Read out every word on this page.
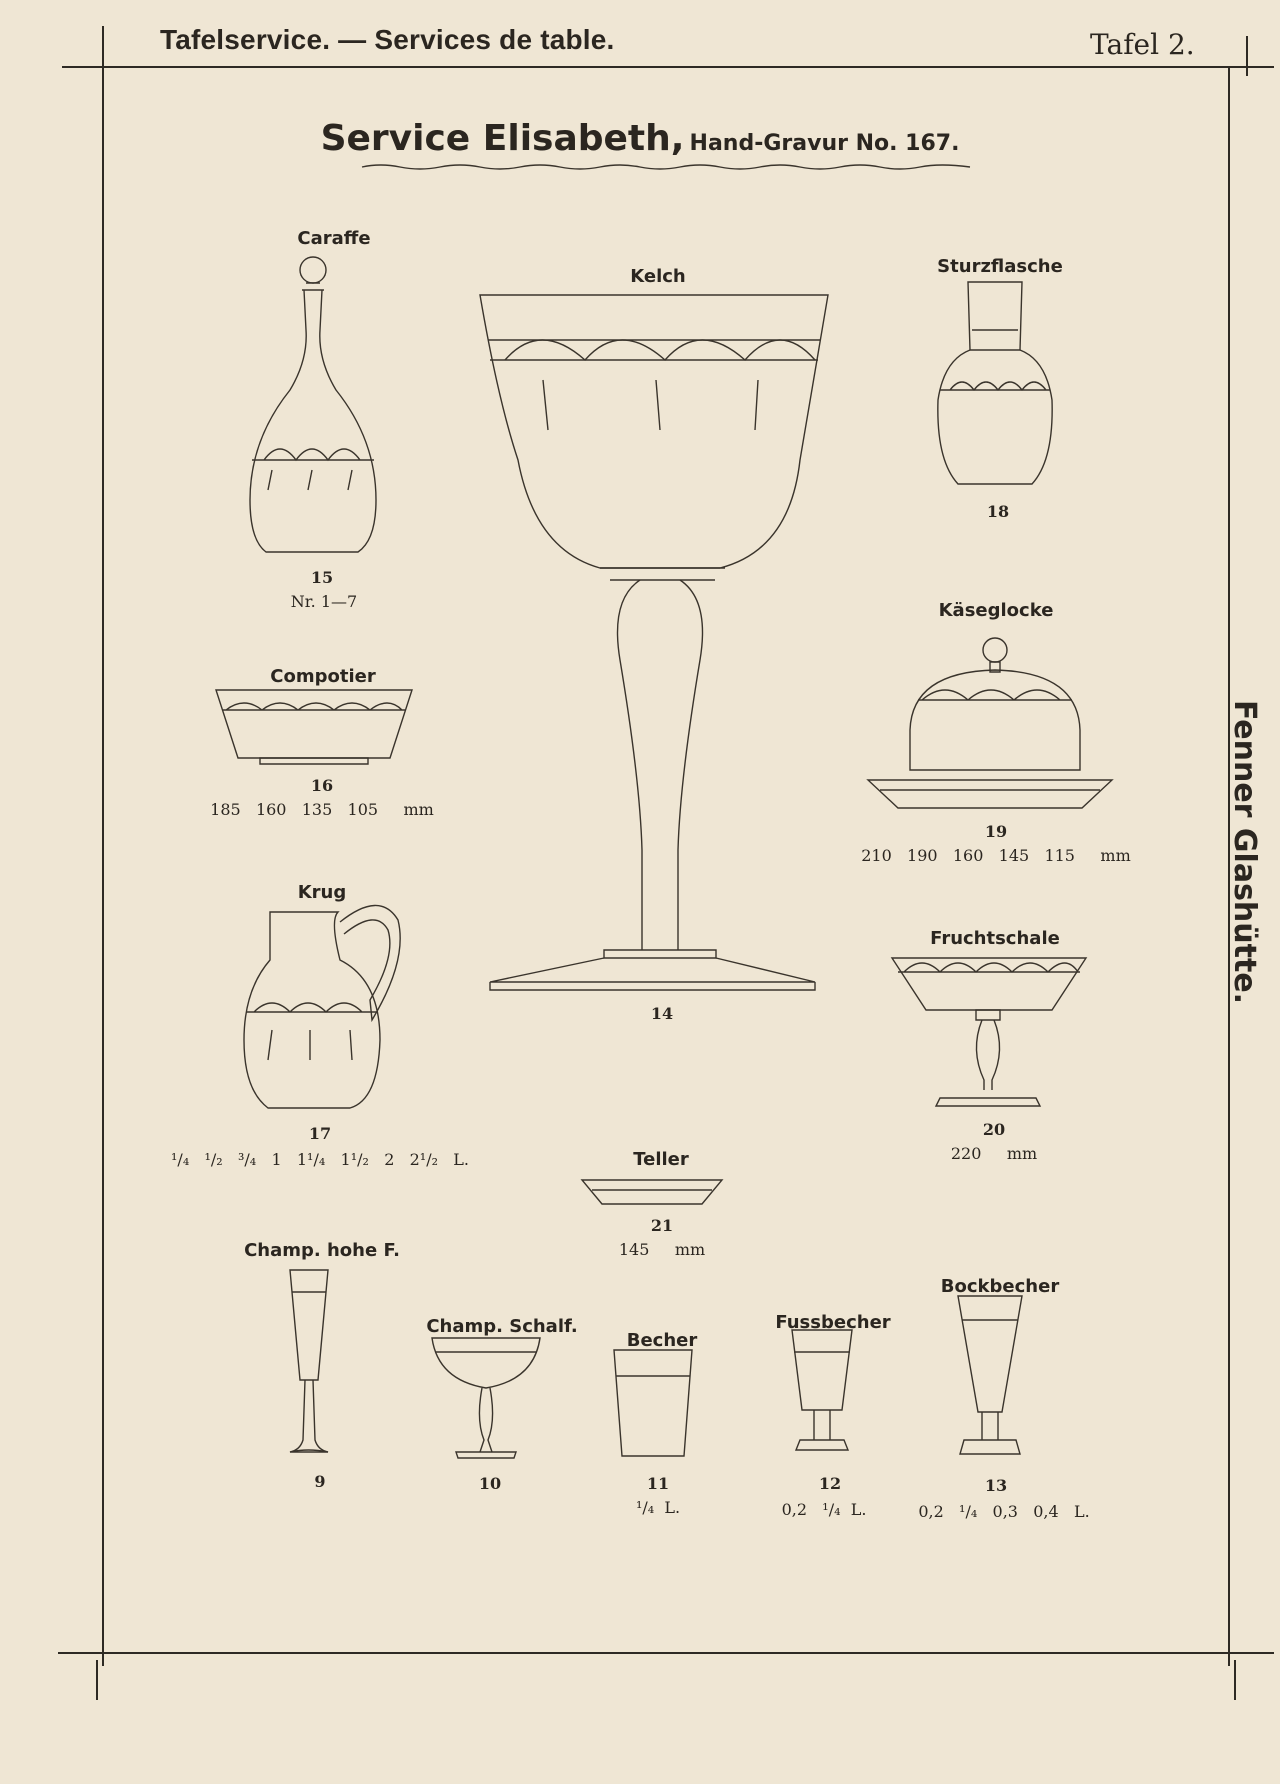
Tafelservice. — Services de table.	Tafel 2.
Service Elisabeth, Hand-Gravur No. 167.
Fenner Glashütte.
Caraffe
15
Nr. 1—7
Kelch
14
Sturzflasche
18
Käseglocke
19
210   190   160   145   115     mm
Compotier
16
185   160   135   105     mm
Fruchtschale
20
220     mm
Krug
17
¹/₄   ¹/₂   ³/₄   1   1¹/₄   1¹/₂   2   2¹/₂   L.	Teller
21
145     mm
Champ. hohe F.
9
Champ. Schalf.
10
Becher
11
¹/₄  L.
Fussbecher
12
0,2   ¹/₄  L.
Bockbecher
13
0,2   ¹/₄   0,3   0,4   L.
